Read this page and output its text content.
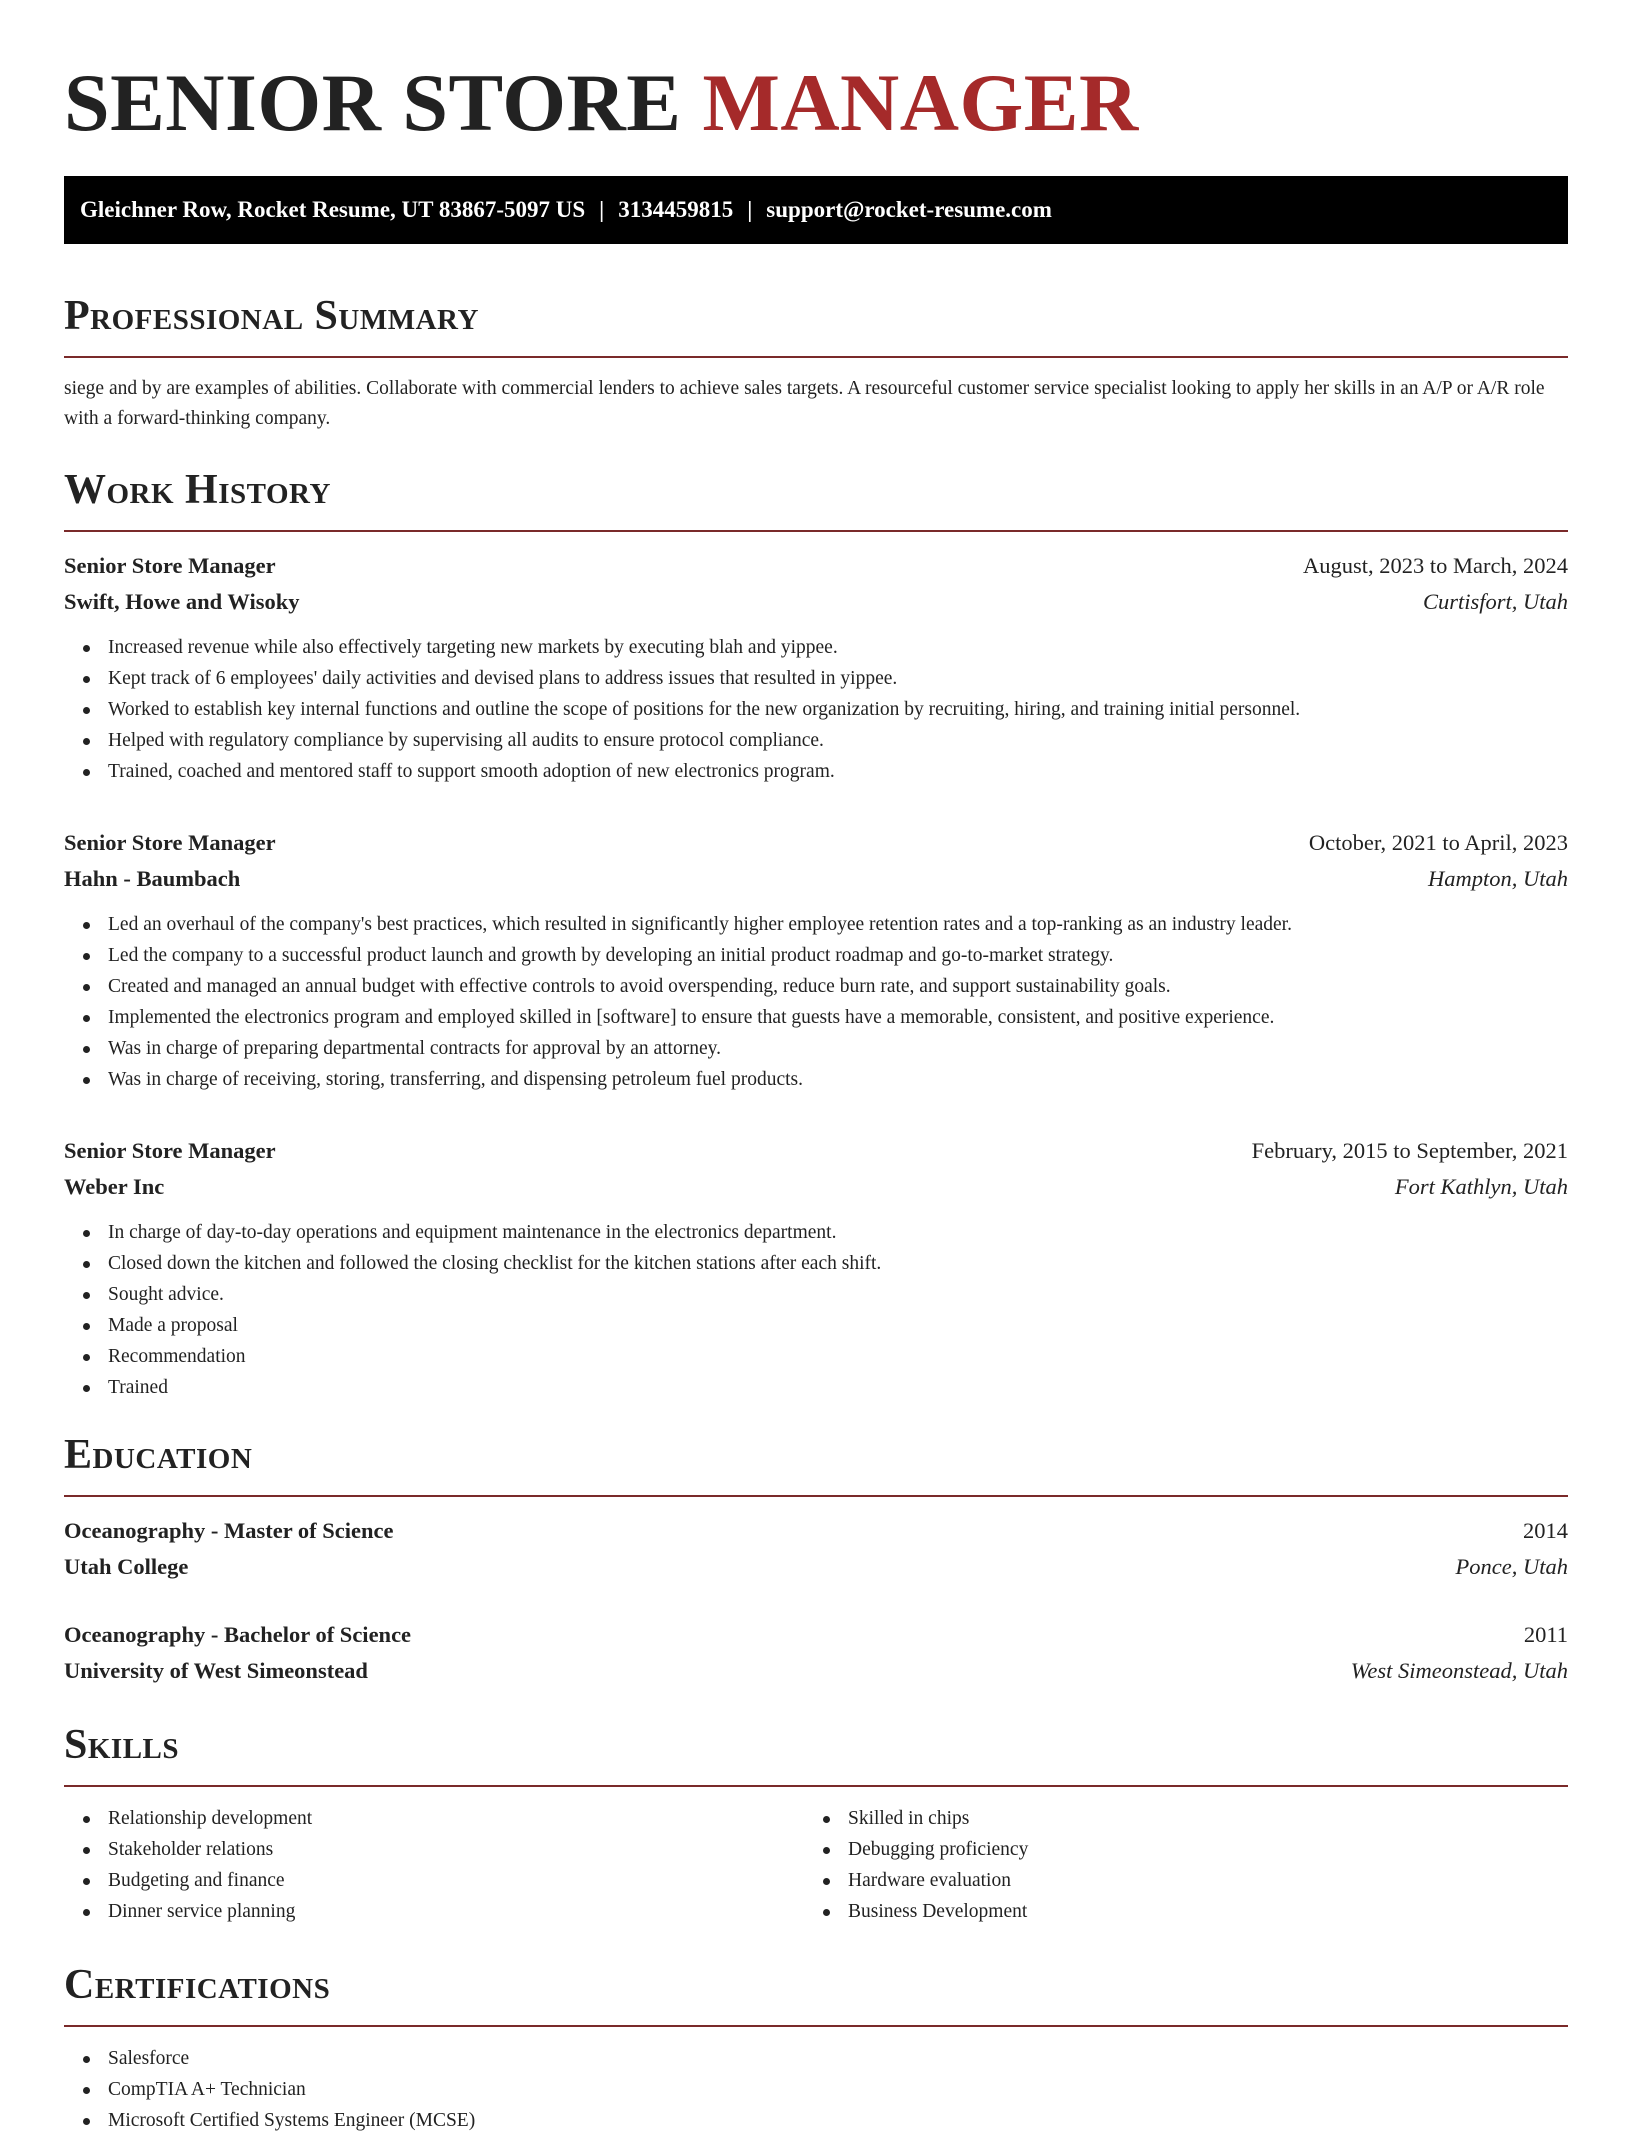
SENIOR STORE MANAGER
Gleichner Row, Rocket Resume, UT 83867-5097 US | 3134459815 | support@rocket-resume.com
Professional Summary
siege and by are examples of abilities. Collaborate with commercial lenders to achieve sales targets. A resourceful customer service specialist looking to apply her skills in an A/P or A/R role with a forward-thinking company.
Work History
Senior Store Manager	August, 2023 to March, 2024
Swift, Howe and Wisoky	Curtisfort, Utah
Increased revenue while also effectively targeting new markets by executing blah and yippee.
Kept track of 6 employees' daily activities and devised plans to address issues that resulted in yippee.
Worked to establish key internal functions and outline the scope of positions for the new organization by recruiting, hiring, and training initial personnel.
Helped with regulatory compliance by supervising all audits to ensure protocol compliance.
Trained, coached and mentored staff to support smooth adoption of new electronics program.
Senior Store Manager	October, 2021 to April, 2023
Hahn - Baumbach	Hampton, Utah
Led an overhaul of the company's best practices, which resulted in significantly higher employee retention rates and a top-ranking as an industry leader.
Led the company to a successful product launch and growth by developing an initial product roadmap and go-to-market strategy.
Created and managed an annual budget with effective controls to avoid overspending, reduce burn rate, and support sustainability goals.
Implemented the electronics program and employed skilled in [software] to ensure that guests have a memorable, consistent, and positive experience.
Was in charge of preparing departmental contracts for approval by an attorney.
Was in charge of receiving, storing, transferring, and dispensing petroleum fuel products.
Senior Store Manager	February, 2015 to September, 2021
Weber Inc	Fort Kathlyn, Utah
In charge of day-to-day operations and equipment maintenance in the electronics department.
Closed down the kitchen and followed the closing checklist for the kitchen stations after each shift.
Sought advice.
Made a proposal
Recommendation
Trained
Education
Oceanography - Master of Science	2014
Utah College	Ponce, Utah
Oceanography - Bachelor of Science	2011
University of West Simeonstead	West Simeonstead, Utah
Skills
Relationship development
Stakeholder relations
Budgeting and finance
Dinner service planning
Skilled in chips
Debugging proficiency
Hardware evaluation
Business Development
Certifications
Salesforce
CompTIA A+ Technician
Microsoft Certified Systems Engineer (MCSE)
